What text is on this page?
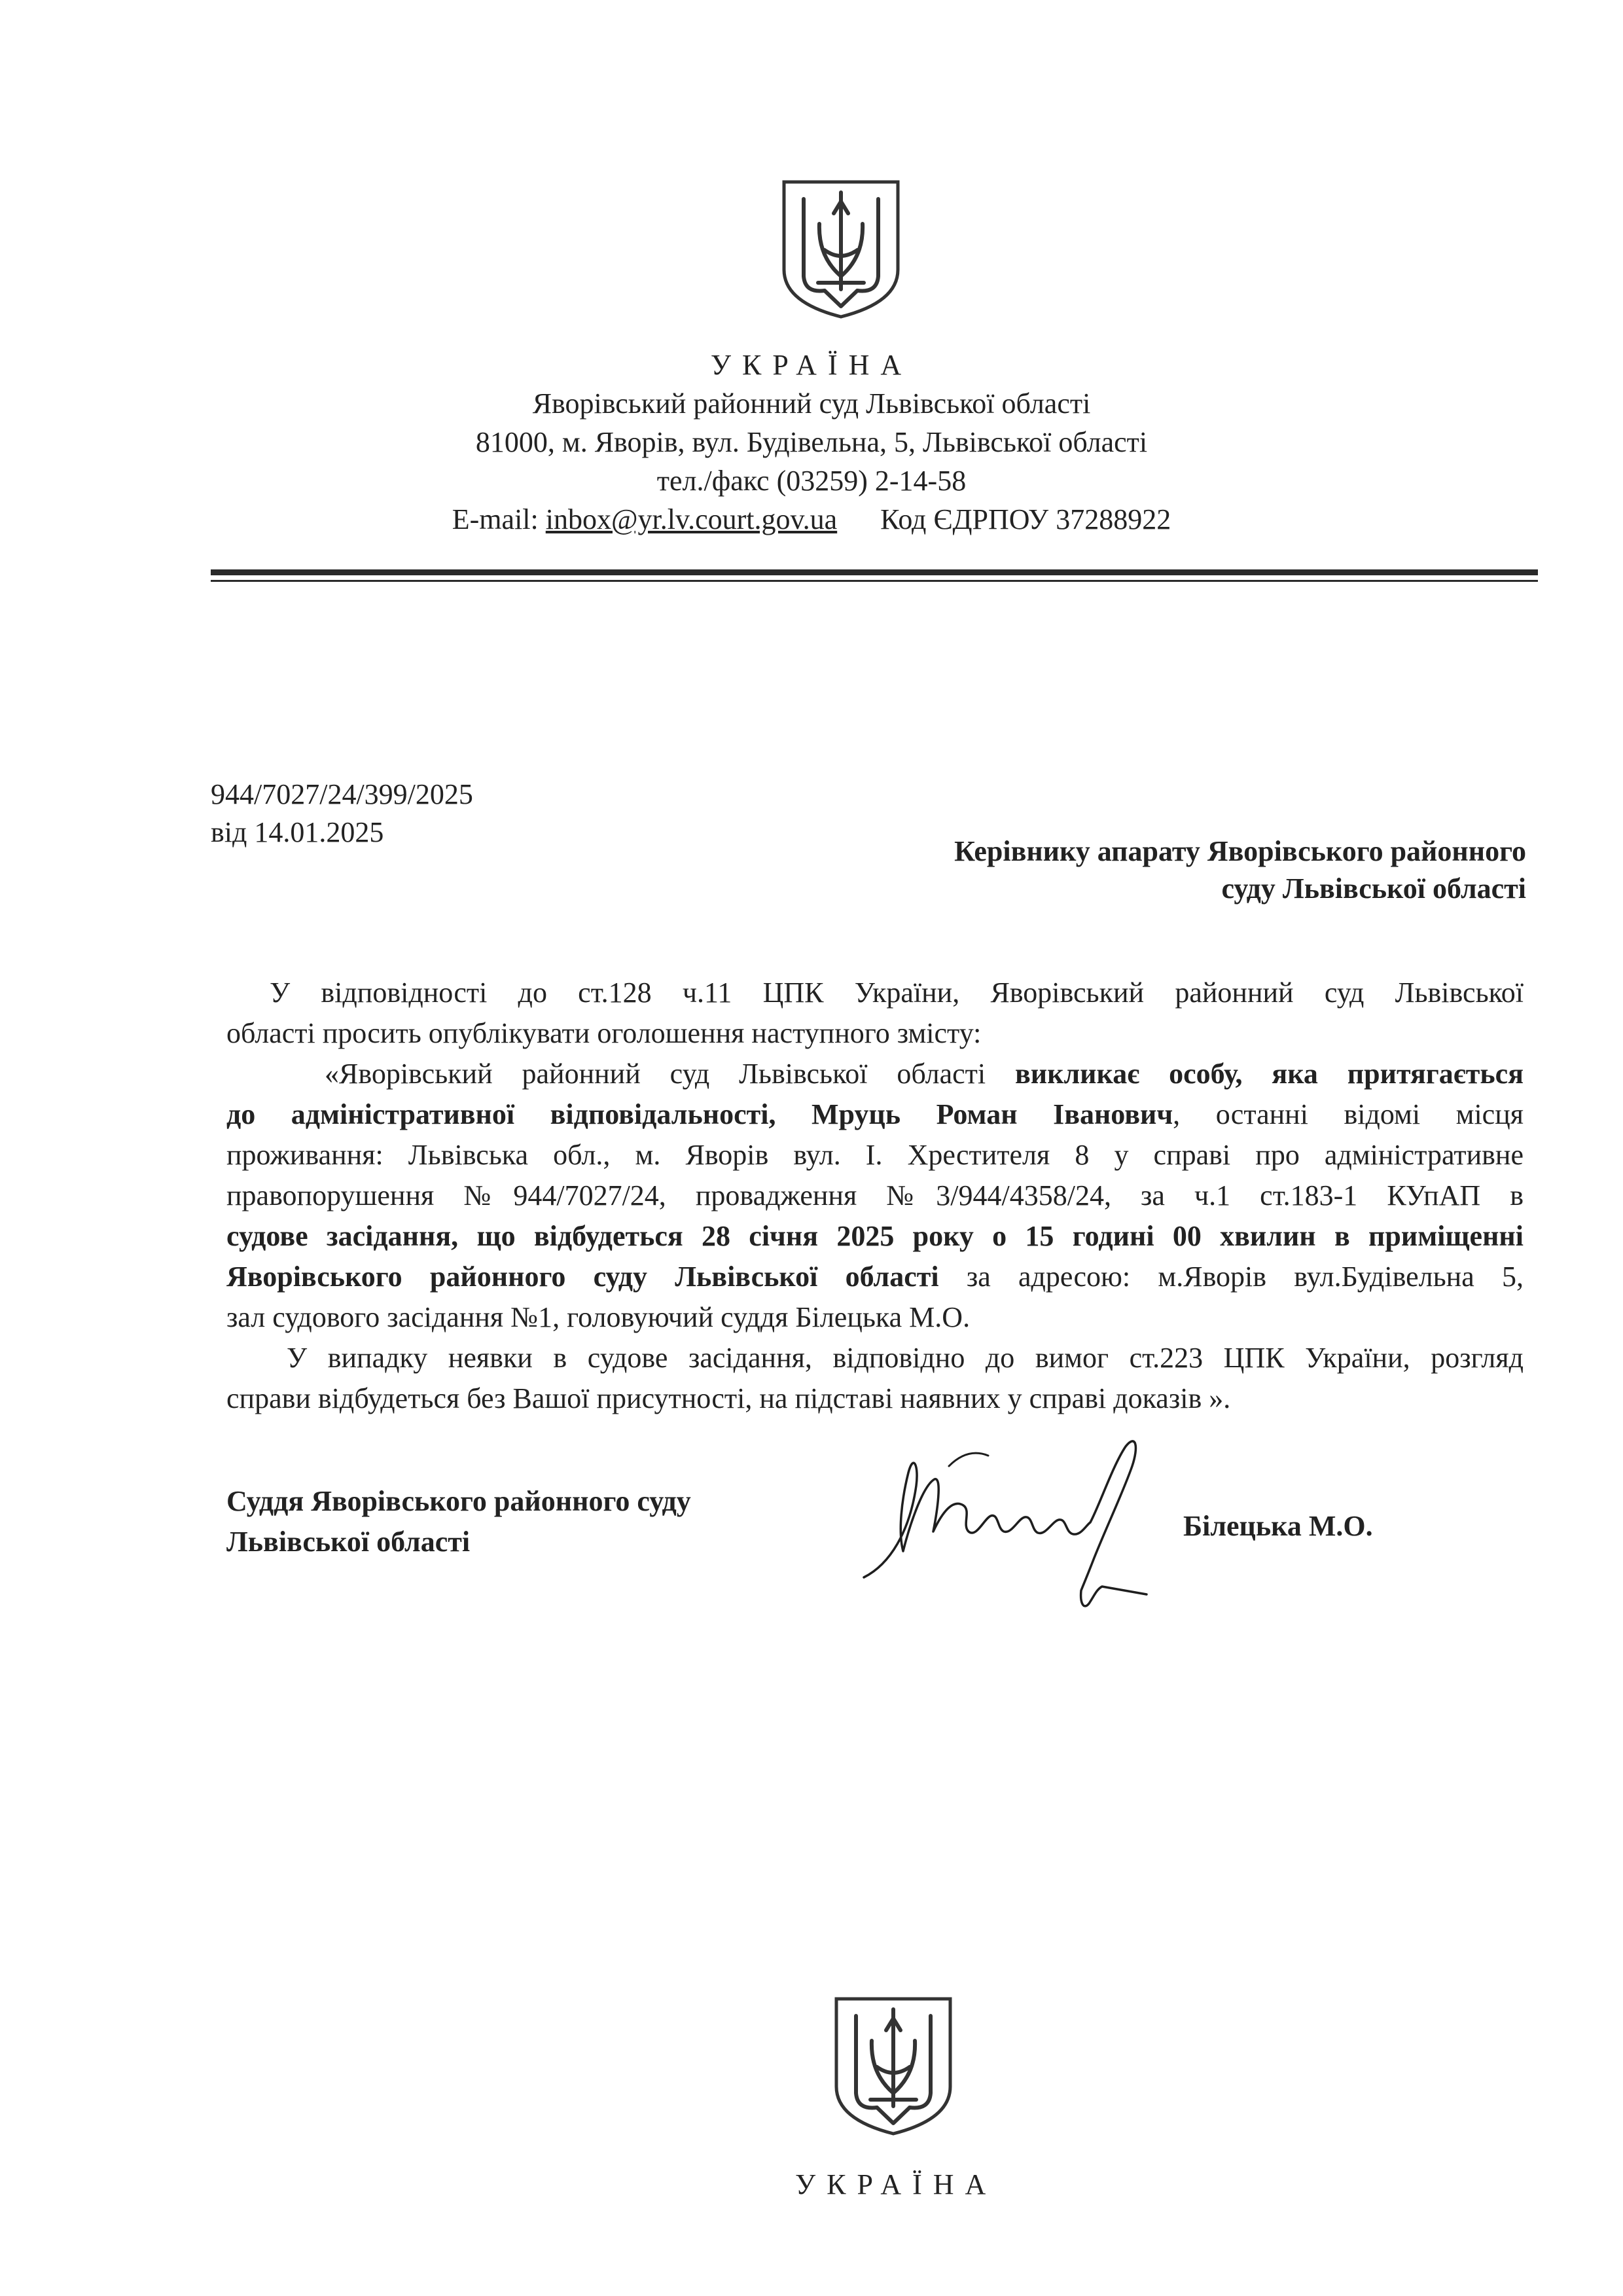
УКРАЇНА
Яворівський районний суд Львівської області
81000, м. Яворів, вул. Будівельна, 5, Львівської області
тел./факс (03259) 2-14-58
E-mail: inbox@yr.lv.court.gov.ua Код ЄДРПОУ 37288922
944/7027/24/399/2025
від 14.01.2025
Керівнику апарату Яворівського районного
суду Львівської області
У відповідності до ст.128 ч.11 ЦПК України, Яворівський районний суд Львівської
області просить опублікувати оголошення наступного змісту:
«Яворівський районний суд Львівської області викликає особу, яка притягається
до адміністративної відповідальності, Мруць Роман Іванович, останні відомі місця
проживання: Львівська обл., м. Яворів вул. І. Хрестителя 8 у справі про адміністративне
правопорушення №944/7027/24, провадження №3/944/4358/24, за ч.1 ст.183-1 КУпАП в
судове засідання, що відбудеться 28 січня 2025 року о 15 годині 00 хвилин в приміщенні
Яворівського районного суду Львівської області за адресою: м.Яворів вул.Будівельна 5,
зал судового засідання №1, головуючий суддя Білецька М.О.
У випадку неявки в судове засідання, відповідно до вимог ст.223 ЦПК України, розгляд
справи відбудеться без Вашої присутності, на підставі наявних у справі доказів ».
Суддя Яворівського районного суду
Львівської області	Білецька М.О.
УКРАЇНА
